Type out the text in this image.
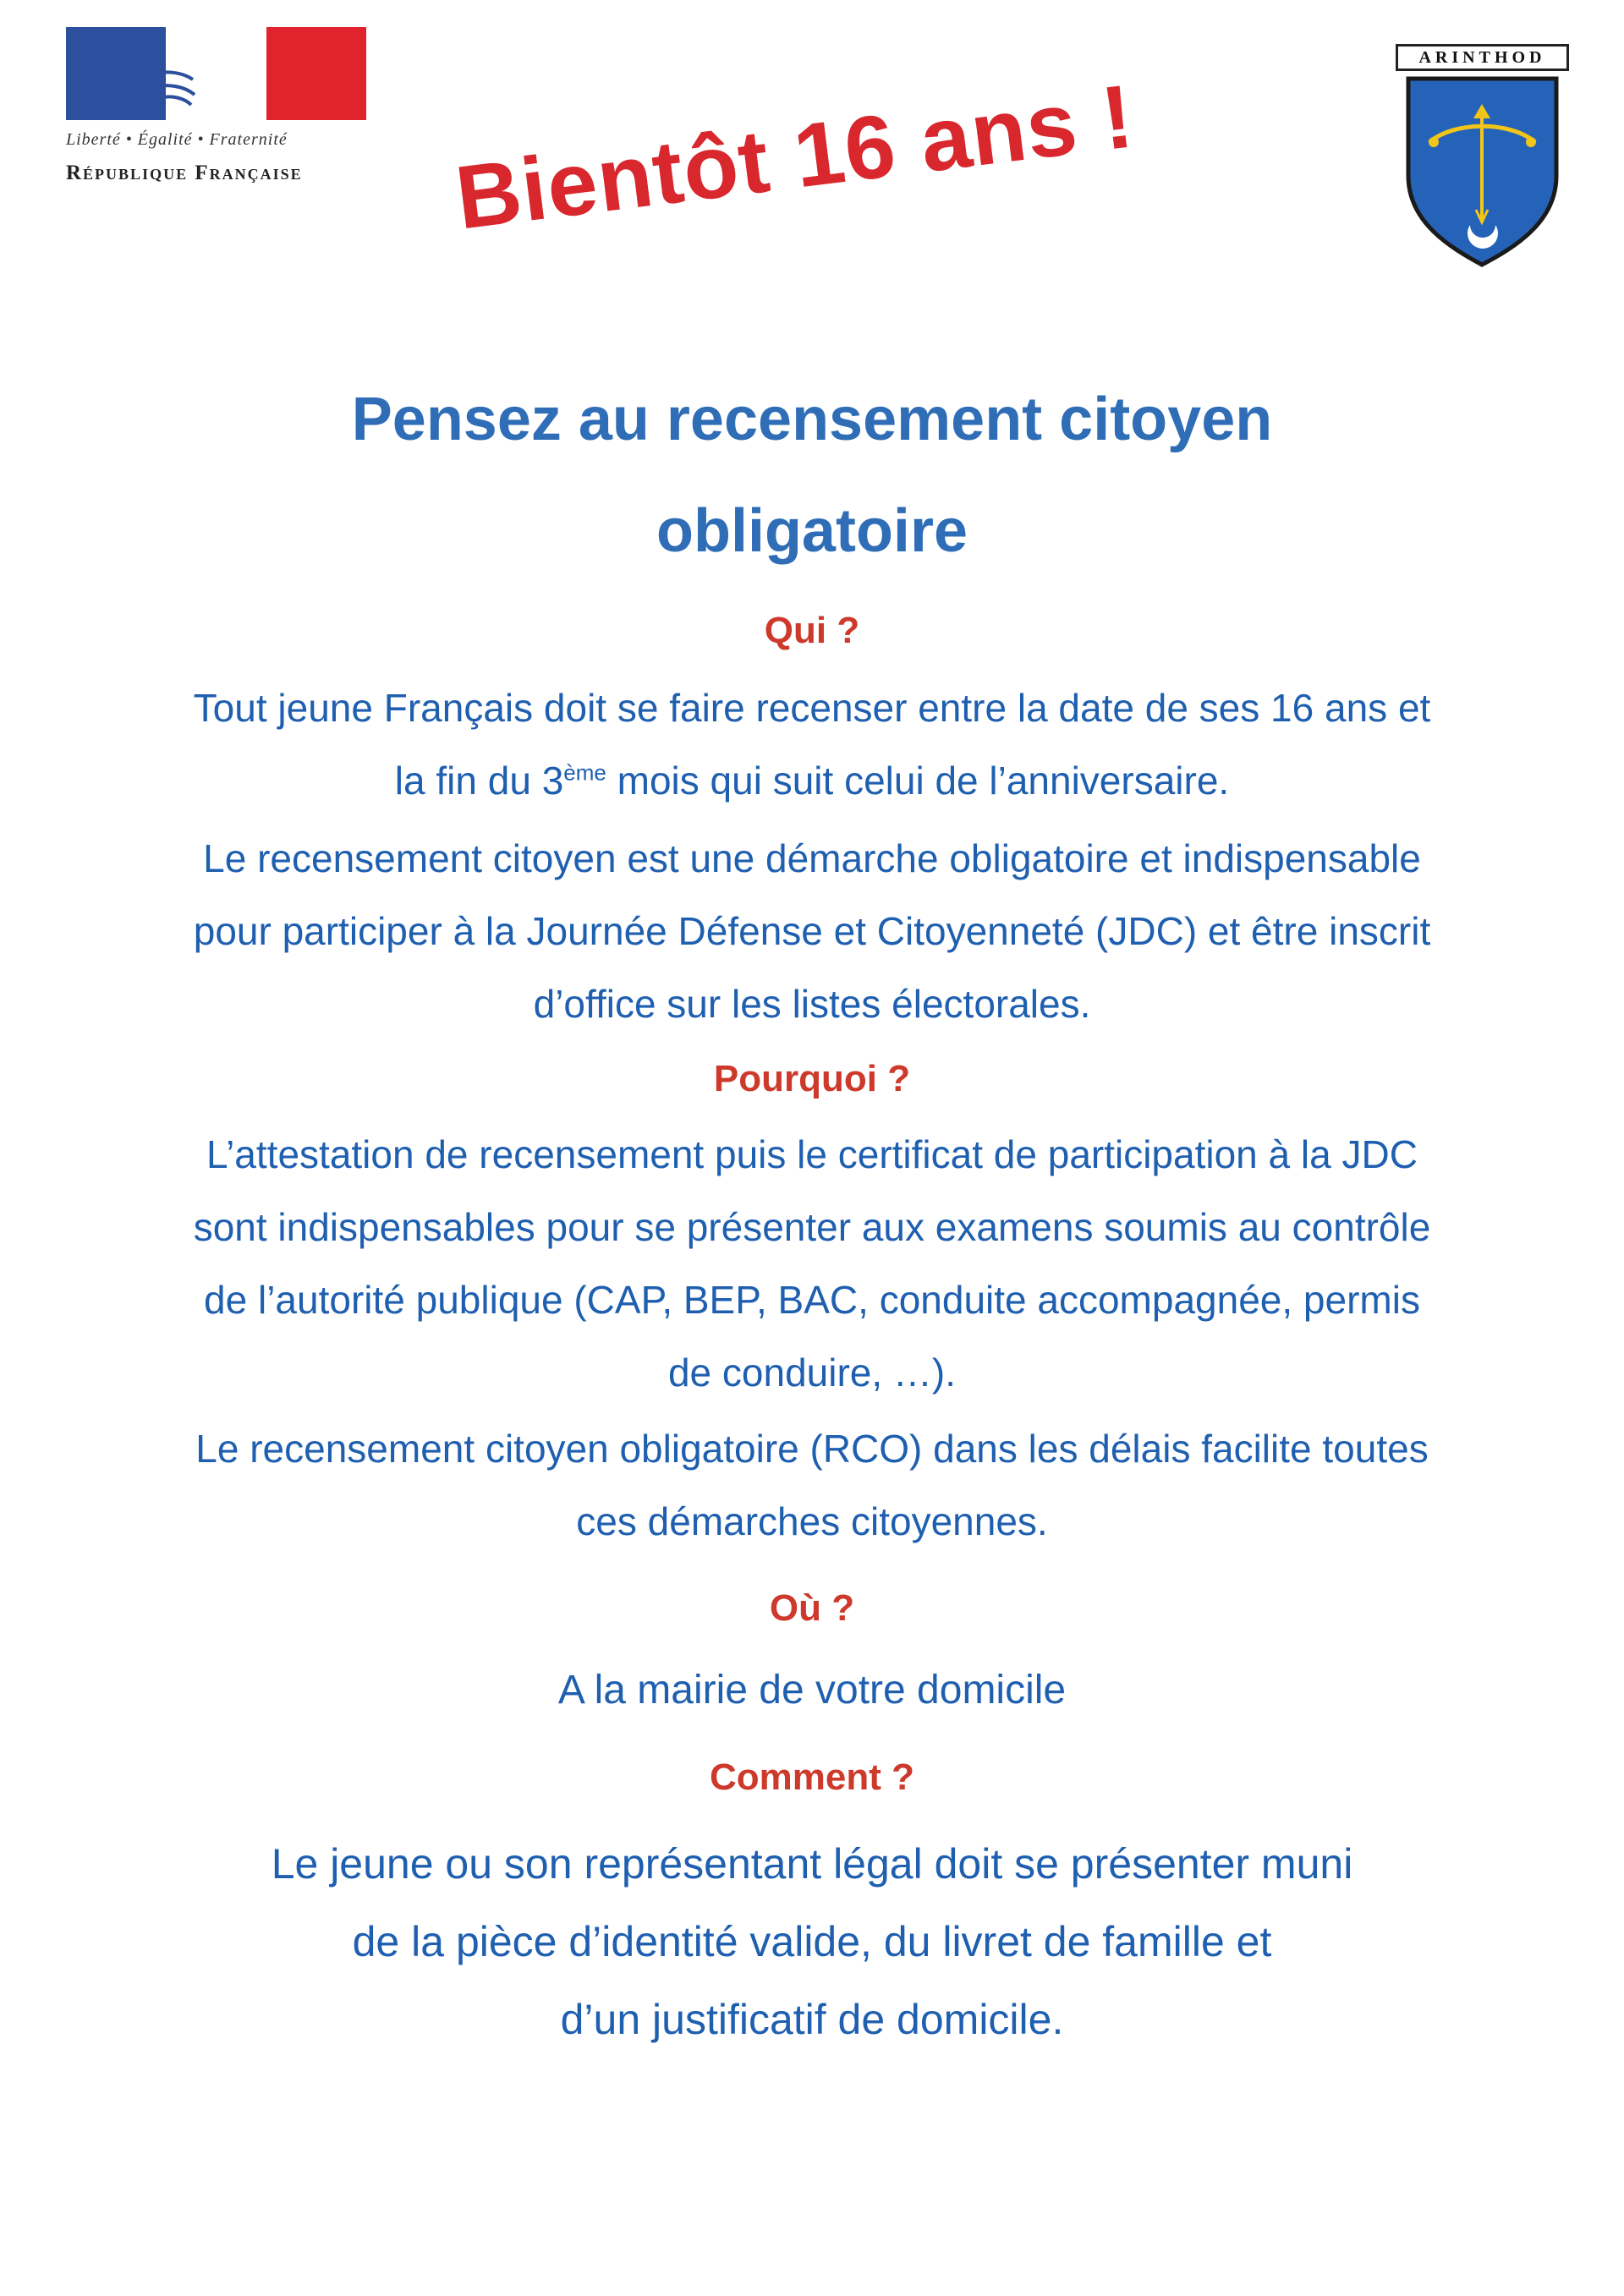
Liberté • Égalité • Fraternité
République Française
ARINTHOD
Bientôt 16 ans !
Pensez au recensement citoyen
obligatoire
Qui ?
Tout jeune Français doit se faire recenser entre la date de ses 16 ans et
la fin du 3ème mois qui suit celui de l’anniversaire.
Le recensement citoyen est une démarche obligatoire et indispensable
pour participer à la Journée Défense et Citoyenneté (JDC) et être inscrit
d’office sur les listes électorales.
Pourquoi ?
L’attestation de recensement puis le certificat de participation à la JDC
sont indispensables pour se présenter aux examens soumis au contrôle
de l’autorité publique (CAP, BEP, BAC, conduite accompagnée, permis
de conduire, …).
Le recensement citoyen obligatoire (RCO) dans les délais facilite toutes
ces démarches citoyennes.
Où ?
A la mairie de votre domicile
Comment ?
Le jeune ou son représentant légal doit se présenter muni
de la pièce d’identité valide, du livret de famille et
d’un justificatif de domicile.
